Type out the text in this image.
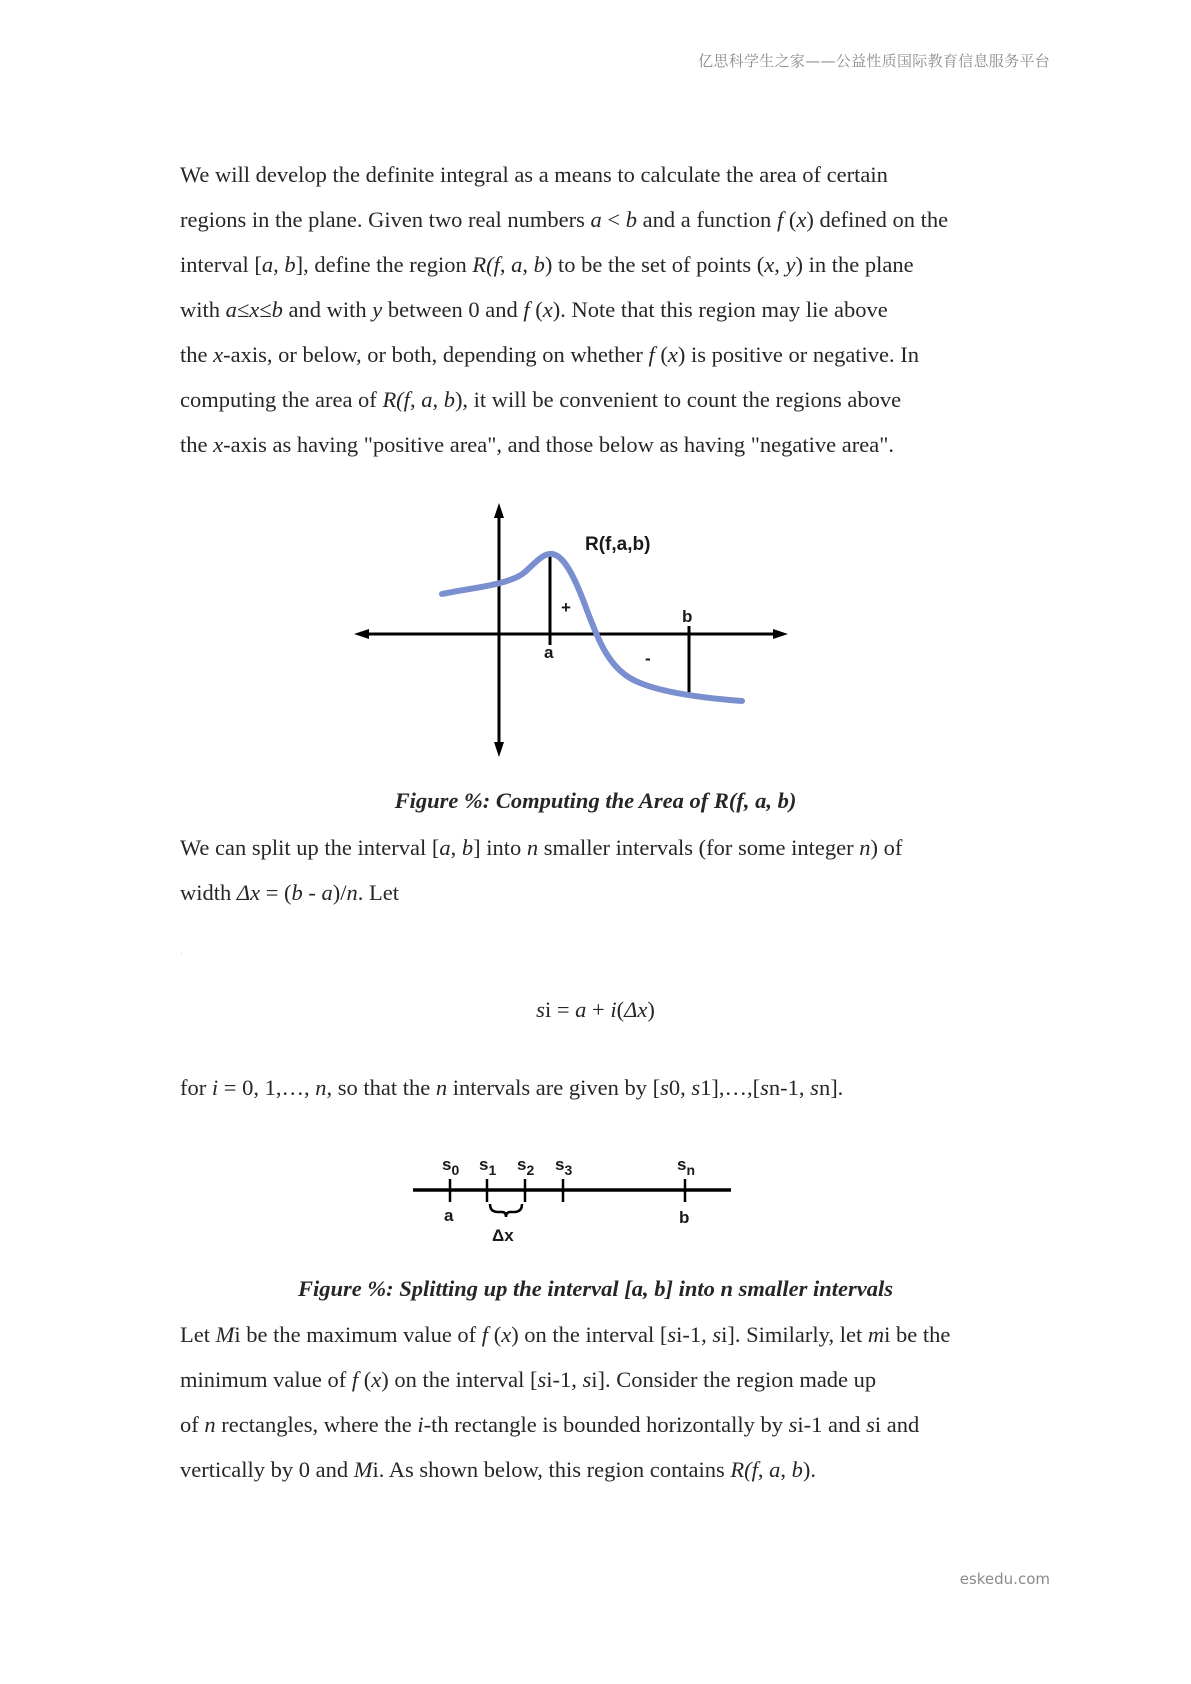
亿思科学生之家——公益性质国际教育信息服务平台
We will develop the definite integral as a means to calculate the area of certain
regions in the plane. Given two real numbers a < b and a function f (x) defined on the
interval [a, b], define the region R(f, a, b) to be the set of points (x, y) in the plane
with a≤x≤b and with y between 0 and f (x). Note that this region may lie above
the x-axis, or below, or both, depending on whether f (x) is positive or negative. In
computing the area of R(f, a, b), it will be convenient to count the regions above
the x-axis as having "positive area", and those below as having "negative area".
R(f,a,b)
a
b
+
-
$s_0$ $s_1$ $s_2$ $s_3$	$s_n$
a	b
Δx
Figure %: Computing the Area of R(f, a, b)
We can split up the interval [a, b] into n smaller intervals (for some integer n) of
width Δx = (b - a)/n. Let
si = a + i(Δx)
for i = 0, 1,…, n, so that the n intervals are given by [s0, s1],…,[sn-1, sn].
Figure %: Splitting up the interval [a, b] into n smaller intervals
Let Mi be the maximum value of f (x) on the interval [si-1, si]. Similarly, let mi be the
minimum value of f (x) on the interval [si-1, si]. Consider the region made up
of n rectangles, where the i-th rectangle is bounded horizontally by si-1 and si and
vertically by 0 and Mi. As shown below, this region contains R(f, a, b).
eskedu.com
